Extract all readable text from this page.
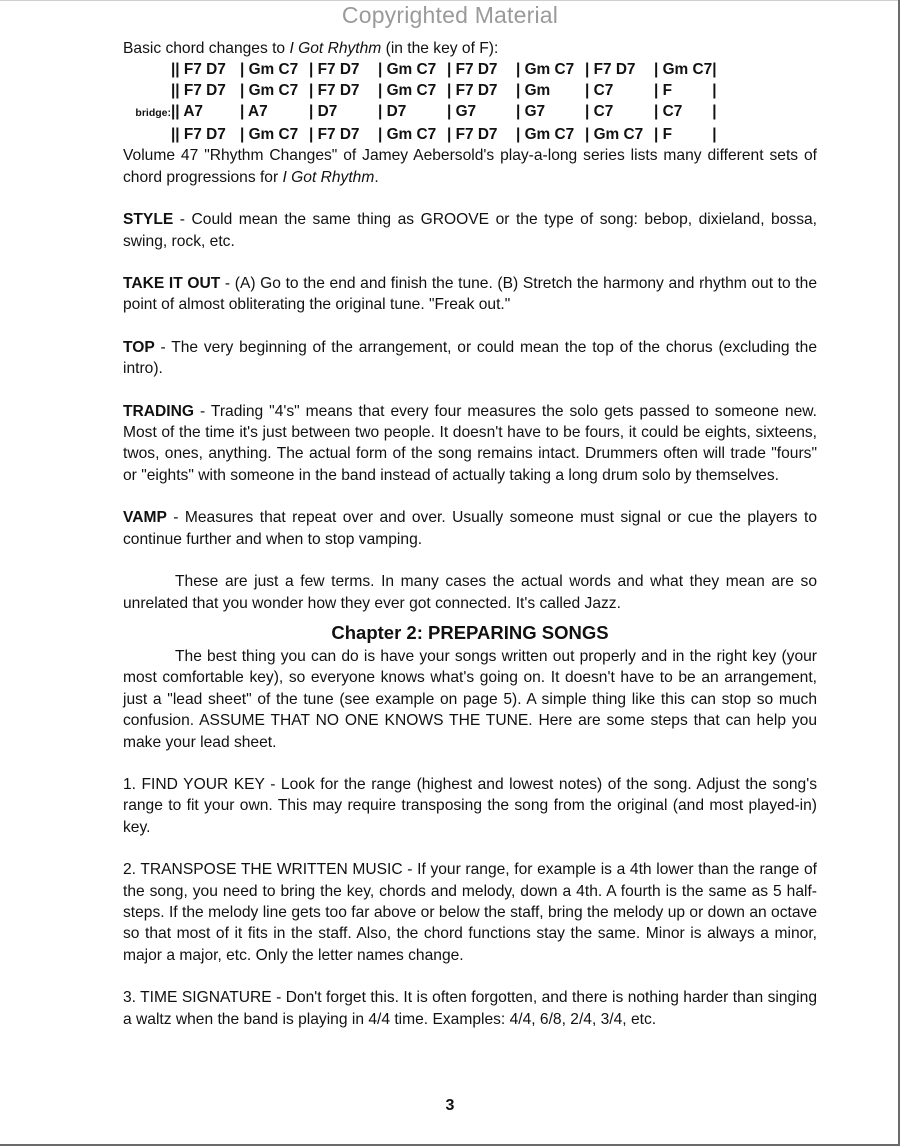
Copyrighted Material

Basic chord changes to I Got Rhythm (in the key of F):

	|| F7 D7	| Gm C7	| F7 D7	| Gm C7	| F7 D7	| Gm C7	| F7 D7	| Gm C7	|
	|| F7 D7	| Gm C7	| F7 D7	| Gm C7	| F7 D7	| Gm	| C7	| F	|
bridge:	|| A7	| A7	| D7	| D7	| G7	| G7	| C7	| C7	|
	|| F7 D7	| Gm C7	| F7 D7	| Gm C7	| F7 D7	| Gm C7	| Gm C7	| F	|

Volume 47 "Rhythm Changes" of Jamey Aebersold's play-a-long series lists many different sets of chord progressions for I Got Rhythm.

STYLE - Could mean the same thing as GROOVE or the type of song: bebop, dixieland, bossa, swing, rock, etc.

TAKE IT OUT - (A) Go to the end and finish the tune. (B) Stretch the harmony and rhythm out to the point of almost obliterating the original tune. "Freak out."

TOP - The very beginning of the arrangement, or could mean the top of the chorus (excluding the intro).

TRADING - Trading "4's" means that every four measures the solo gets passed to someone new. Most of the time it's just between two people. It doesn't have to be fours, it could be eights, sixteens, twos, ones, anything. The actual form of the song remains intact. Drummers often will trade "fours" or "eights" with someone in the band instead of actually taking a long drum solo by themselves.

VAMP - Measures that repeat over and over. Usually someone must signal or cue the players to continue further and when to stop vamping.

These are just a few terms. In many cases the actual words and what they mean are so unrelated that you wonder how they ever got connected. It's called Jazz.

Chapter 2: PREPARING SONGS

The best thing you can do is have your songs written out properly and in the right key (your most comfortable key), so everyone knows what's going on. It doesn't have to be an arrangement, just a "lead sheet" of the tune (see example on page 5). A simple thing like this can stop so much confusion. ASSUME THAT NO ONE KNOWS THE TUNE. Here are some steps that can help you make your lead sheet.

1. FIND YOUR KEY - Look for the range (highest and lowest notes) of the song. Adjust the song's range to fit your own. This may require transposing the song from the original (and most played-in) key.

2. TRANSPOSE THE WRITTEN MUSIC - If your range, for example is a 4th lower than the range of the song, you need to bring the key, chords and melody, down a 4th. A fourth is the same as 5 half-steps. If the melody line gets too far above or below the staff, bring the melody up or down an octave so that most of it fits in the staff. Also, the chord functions stay the same. Minor is always a minor, major a major, etc. Only the letter names change.

3. TIME SIGNATURE - Don't forget this. It is often forgotten, and there is nothing harder than singing a waltz when the band is playing in 4/4 time. Examples: 4/4, 6/8, 2/4, 3/4, etc.

3
